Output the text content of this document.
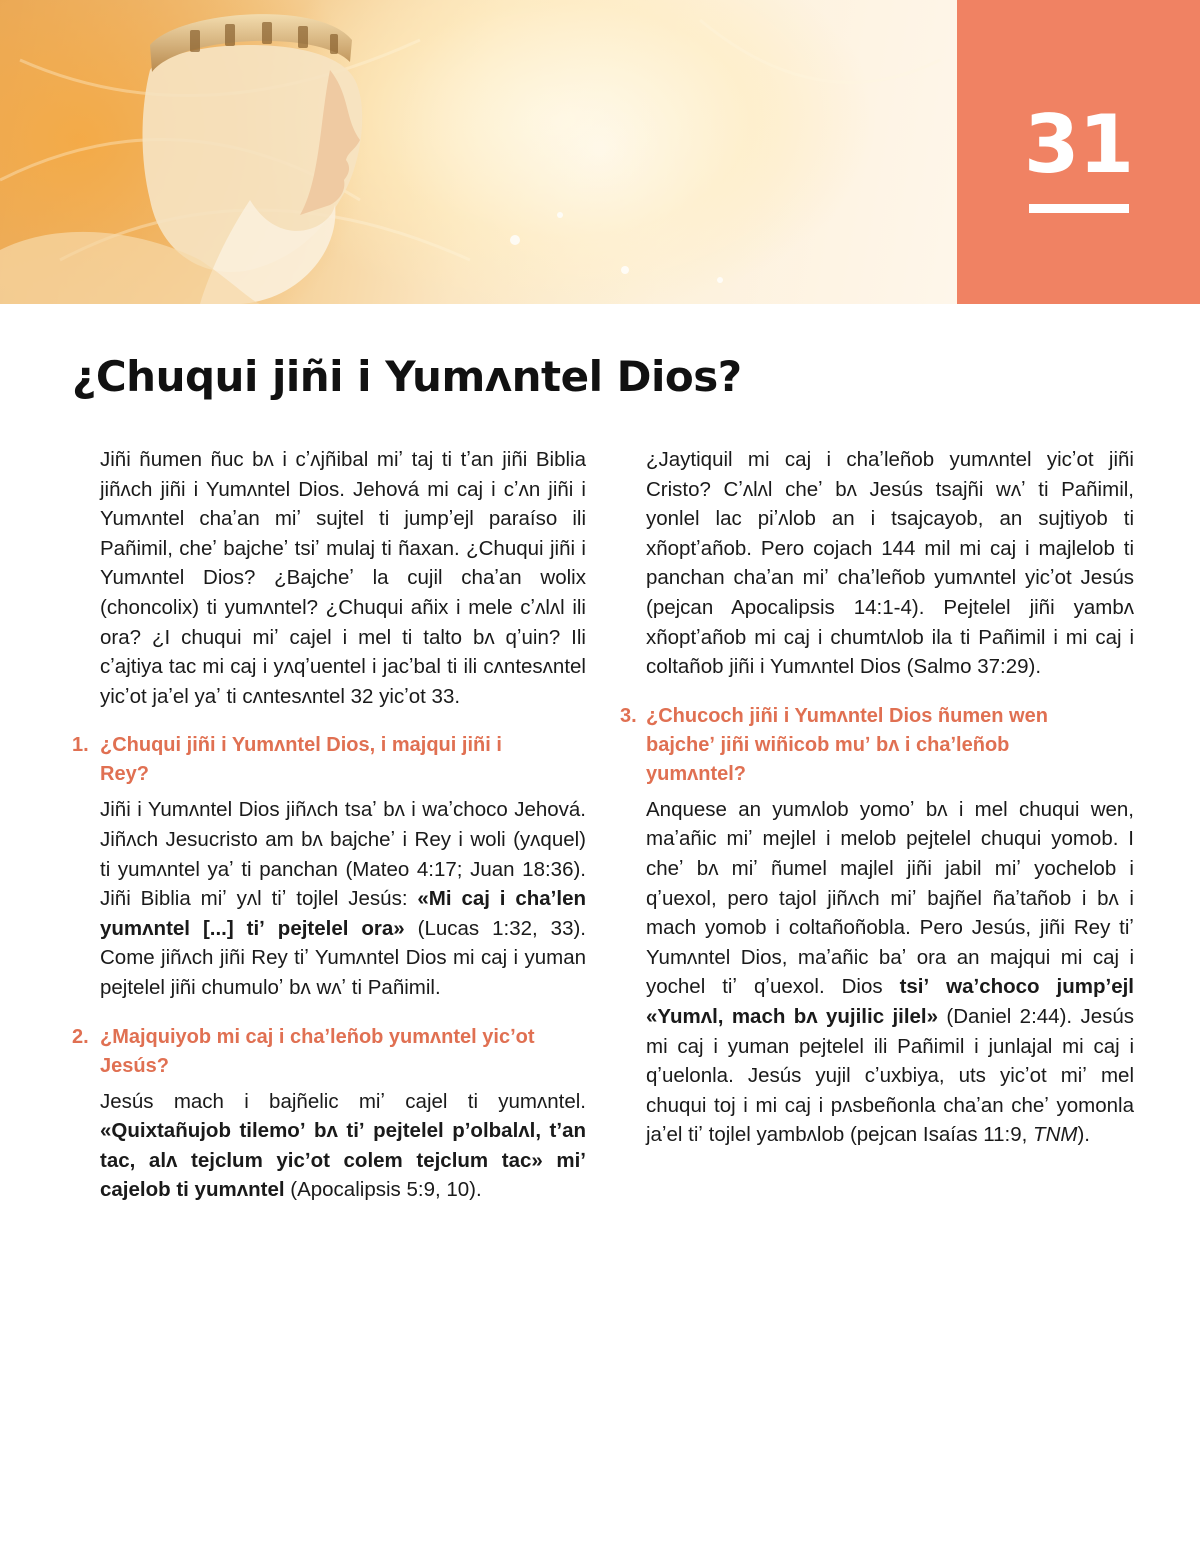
31
¿Chuqui jiñi i Yumʌntel Dios?

Jiñi ñumen ñuc bʌ i cʼʌjñibal miʼ taj ti tʼan jiñi Biblia jiñʌch jiñi i Yumʌntel Dios. Jehová mi caj i cʼʌn jiñi i Yumʌntel chaʼan miʼ sujtel ti jumpʼejl paraíso ili Pañimil, cheʼ bajcheʼ tsiʼ mulaj ti ñaxan. ¿Chuqui jiñi i Yumʌntel Dios? ¿Bajcheʼ la cujil chaʼan wolix (choncolix) ti yumʌntel? ¿Chuqui añix i mele cʼʌlʌl ili ora? ¿I chuqui miʼ cajel i mel ti talto bʌ qʼuin? Ili cʼajtiya tac mi caj i yʌqʼuentel i jacʼbal ti ili cʌntesʌntel yicʼot jaʼel yaʼ ti cʌntesʌntel 32 yicʼot 33.

1. ¿Chuqui jiñi i Yumʌntel Dios, i majqui jiñi i Rey?

Jiñi i Yumʌntel Dios jiñʌch tsaʼ bʌ i waʼchoco Jehová. Jiñʌch Jesucristo am bʌ bajcheʼ i Rey i woli (yʌquel) ti yumʌntel yaʼ ti panchan (Mateo 4:17; Juan 18:36). Jiñi Biblia miʼ yʌl tiʼ tojlel Jesús: «Mi caj i chaʼlen yumʌntel [...] tiʼ pejtelel ora» (Lucas 1:32, 33). Come jiñʌch jiñi Rey tiʼ Yumʌntel Dios mi caj i yuman pejtelel jiñi chumuloʼ bʌ wʌʼ ti Pañimil.

2. ¿Majquiyob mi caj i chaʼleñob yumʌntel yicʼot Jesús?

Jesús mach i bajñelic miʼ cajel ti yumʌntel. «Quixtañujob tilemoʼ bʌ tiʼ pejtelel pʼolbalʌl, tʼan tac, alʌ tejclum yicʼot colem tejclum tac» miʼ cajelob ti yumʌntel (Apocalipsis 5:9, 10).

¿Jaytiquil mi caj i chaʼleñob yumʌntel yicʼot jiñi Cristo? Cʼʌlʌl cheʼ bʌ Jesús tsajñi wʌʼ ti Pañimil, yonlel lac piʼʌlob an i tsajcayob, an sujtiyob ti xñoptʼañob. Pero cojach 144 mil mi caj i majlelob ti panchan chaʼan miʼ chaʼleñob yumʌntel yicʼot Jesús (pejcan Apocalipsis 14:1-4). Pejtelel jiñi yambʌ xñoptʼañob mi caj i chumtʌlob ila ti Pañimil i mi caj i coltañob jiñi i Yumʌntel Dios (Salmo 37:29).

3. ¿Chucoch jiñi i Yumʌntel Dios ñumen wen bajcheʼ jiñi wiñicob muʼ bʌ i chaʼleñob yumʌntel?

Anquese an yumʌlob yomoʼ bʌ i mel chuqui wen, maʼañic miʼ mejlel i melob pejtelel chuqui yomob. I cheʼ bʌ miʼ ñumel majlel jiñi jabil miʼ yochelob i qʼuexol, pero tajol jiñʌch miʼ bajñel ñaʼtañob i bʌ i mach yomob i coltañoñobla. Pero Jesús, jiñi Rey tiʼ Yumʌntel Dios, maʼañic baʼ ora an majqui mi caj i yochel tiʼ qʼuexol. Dios tsiʼ waʼchoco jumpʼejl «Yumʌl, mach bʌ yujilic jilel» (Daniel 2:44). Jesús mi caj i yuman pejtelel ili Pañimil i junlajal mi caj i qʼuelonla. Jesús yujil cʼuxbiya, uts yicʼot miʼ mel chuqui toj i mi caj i pʌsbeñonla chaʼan cheʼ yomonla jaʼel tiʼ tojlel yambʌlob (pejcan Isaías 11:9, TNM).
